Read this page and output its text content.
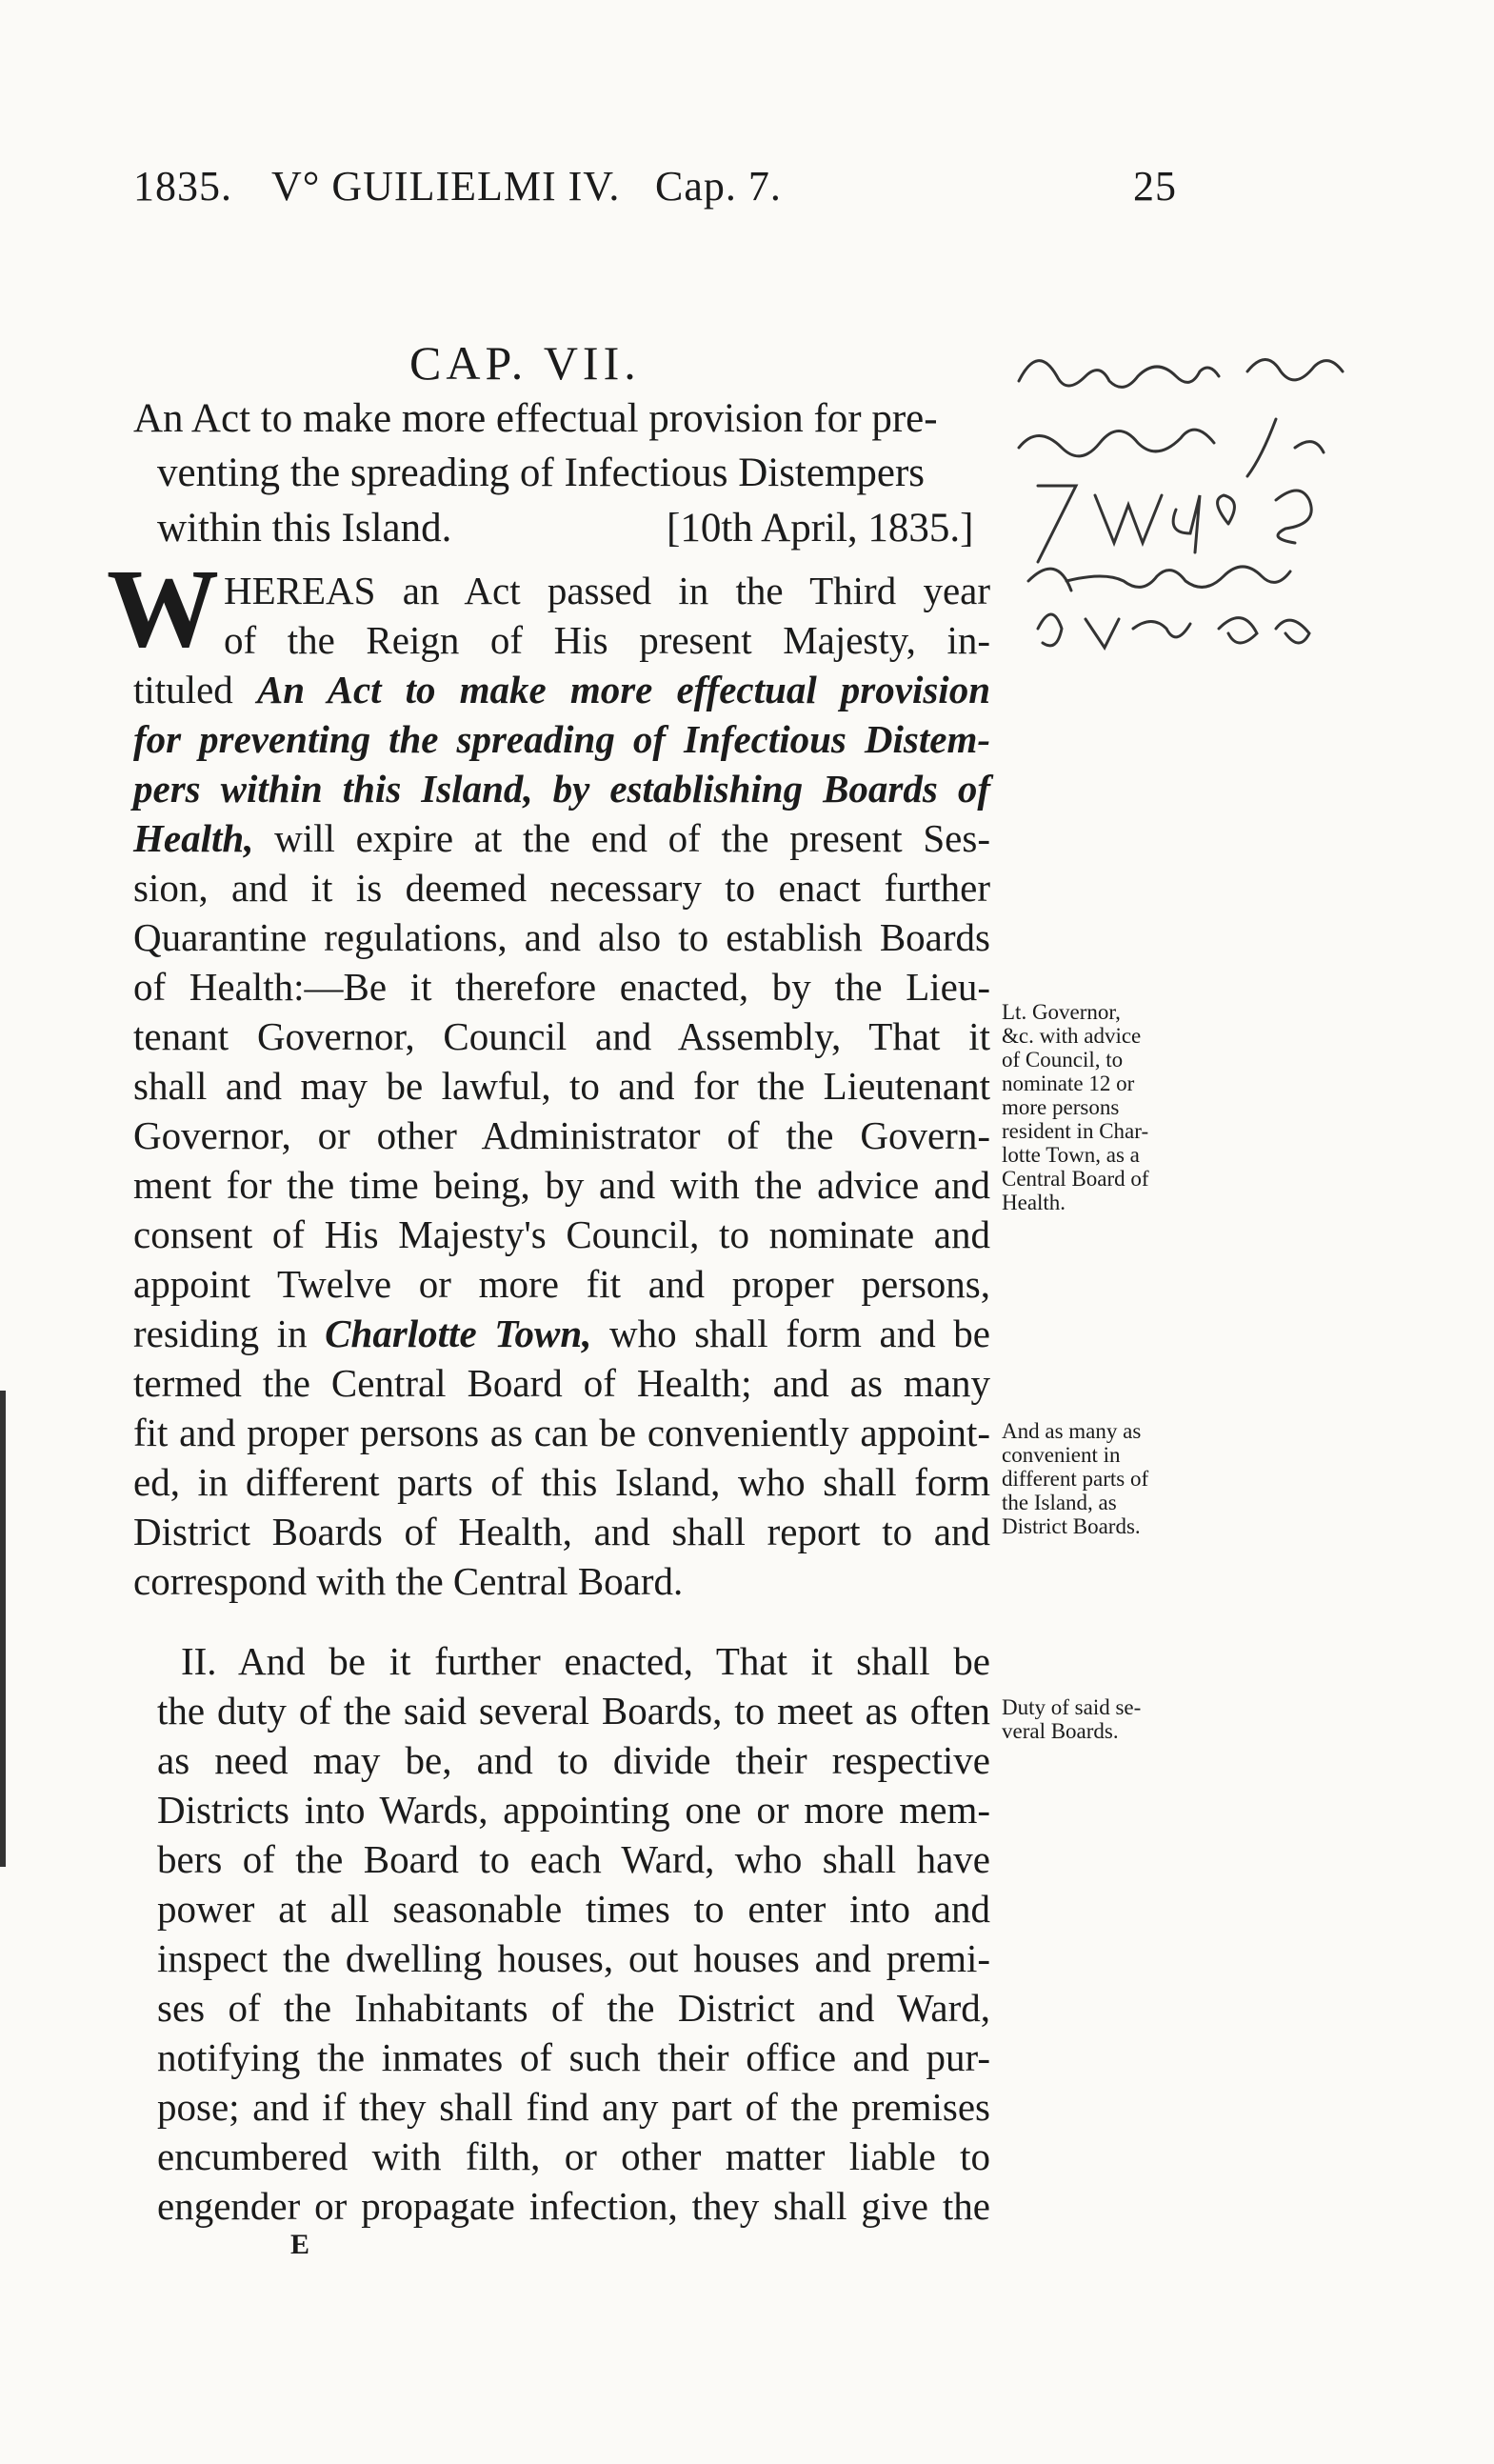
1835. V° GUILIELMI IV. Cap. 7.	25
CAP. VII.
An Act to make more effectual provision for pre-
venting the spreading of Infectious Distempers
within this Island.	[10th April, 1835.]
W HEREAS an Act passed in the Third year
of the Reign of His present Majesty, in-
tituled An Act to make more effectual provision
for preventing the spreading of Infectious Distem-
pers within this Island, by establishing Boards of
Health, will expire at the end of the present Ses-
sion, and it is deemed necessary to enact further
Quarantine regulations, and also to establish Boards
of Health:—Be it therefore enacted, by the Lieu-
tenant Governor, Council and Assembly, That it
shall and may be lawful, to and for the Lieutenant
Governor, or other Administrator of the Govern-
ment for the time being, by and with the advice and
consent of His Majesty's Council, to nominate and
appoint Twelve or more fit and proper persons,
residing in Charlotte Town, who shall form and be
termed the Central Board of Health; and as many
fit and proper persons as can be conveniently appoint-
ed, in different parts of this Island, who shall form
District Boards of Health, and shall report to and
correspond with the Central Board.
II. And be it further enacted, That it shall be
the duty of the said several Boards, to meet as often
as need may be, and to divide their respective
Districts into Wards, appointing one or more mem-
bers of the Board to each Ward, who shall have
power at all seasonable times to enter into and
inspect the dwelling houses, out houses and premi-
ses of the Inhabitants of the District and Ward,
notifying the inmates of such their office and pur-
pose; and if they shall find any part of the premises
encumbered with filth, or other matter liable to
engender or propagate infection, they shall give the
E
Lt. Governor,
&c. with advice
of Council, to
nominate 12 or
more persons
resident in Char-
lotte Town, as a
Central Board of
Health.
And as many as
convenient in
different parts of
the Island, as
District Boards.
Duty of said se-
veral Boards.
